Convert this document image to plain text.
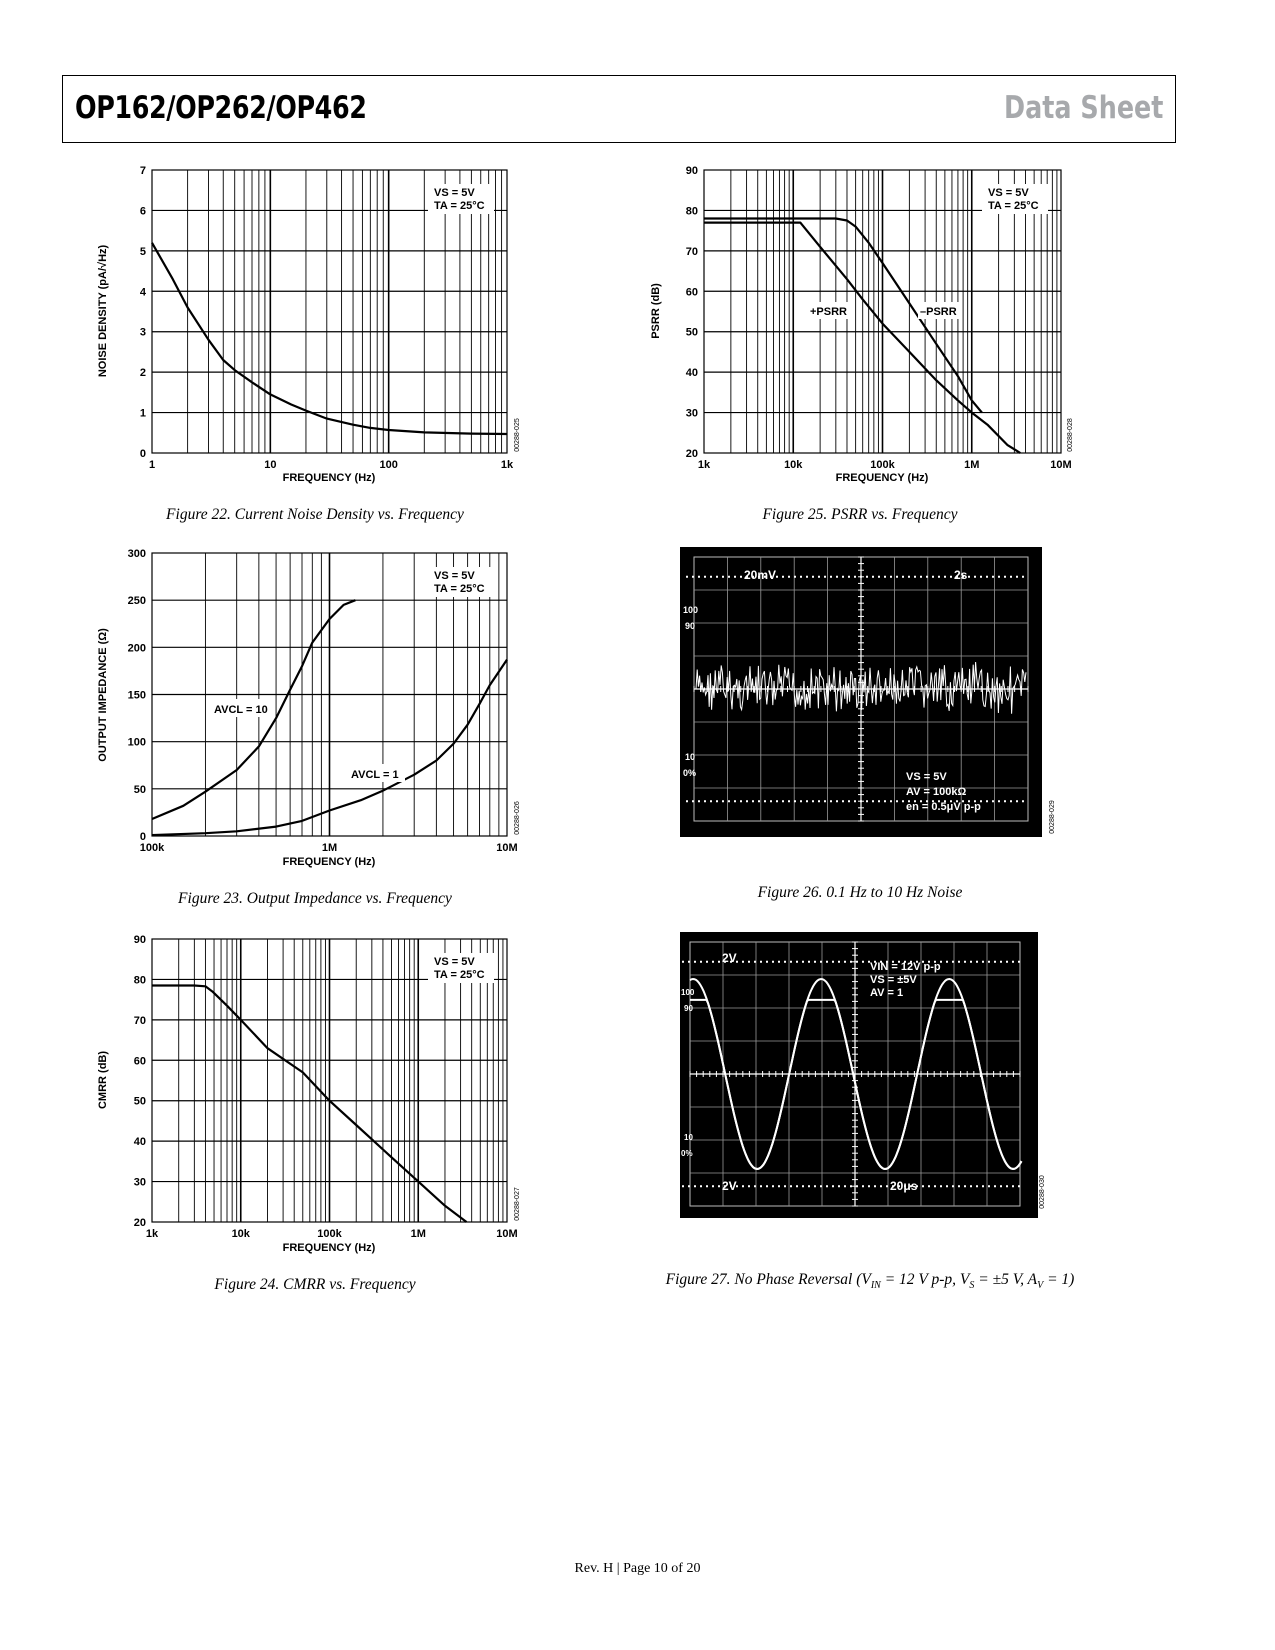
OP162/OP262/OP462	Data Sheet
0
1
2
3
4
5
6
7
1	10	100	1k
FREQUENCY (Hz)
NOISE DENSITY (pA/√Hz)
VS = 5V
TA = 25°C
00288-025
Figure 22. Current Noise Density vs. Frequency
0
50
100
150
200
250
300
100k	1M	10M
FREQUENCY (Hz)
OUTPUT IMPEDANCE (Ω)	AVCL = 10
AVCL = 1
VS = 5V
TA = 25°C
00288-026
Figure 23. Output Impedance vs. Frequency
20
30
40
50
60
70
80
90
1k	10k	100k	1M	10M
FREQUENCY (Hz)
CMRR (dB)
VS = 5V
TA = 25°C
00288-027
Figure 24. CMRR vs. Frequency
20
30
40
50
60
70
80
90
1k	10k	100k	1M	10M
FREQUENCY (Hz)
PSRR (dB)	+PSRR	–PSRR
VS = 5V
TA = 25°C
00288-028
Figure 25. PSRR vs. Frequency
20mV	2s
100
90
10
0%	VS = 5V
AV = 100kΩ
en = 0.5μV p-p	00288-029
Figure 26. 0.1 Hz to 10 Hz Noise
2V
2V	20μs
100
90
10
0%
VIN = 12V p-p
VS = ±5V
AV = 1
00288-030
Figure 27. No Phase Reversal ($V_{IN} = 12$ V p-p, $V_S = \pm 5$ V, $A_V = 1$)
Rev. H | Page 10 of 20
